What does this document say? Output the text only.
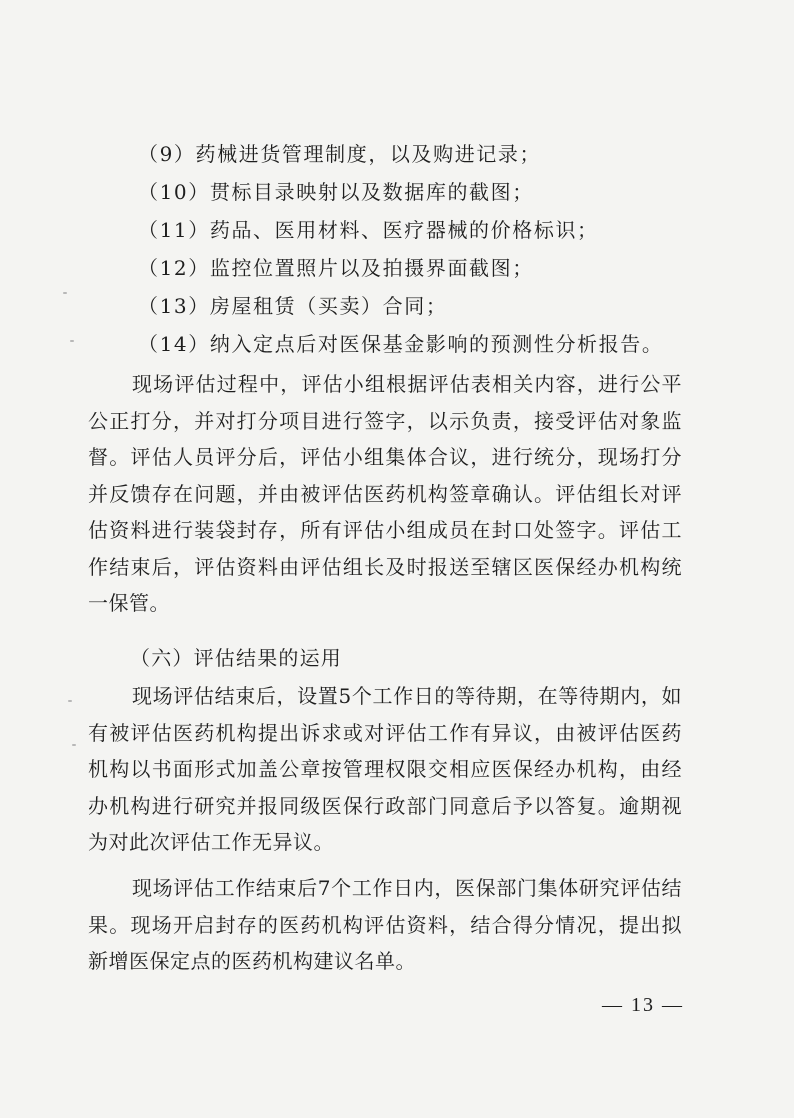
（9）药械进货管理制度，以及购进记录；
（10）贯标目录映射以及数据库的截图；
（11）药品、医用材料、医疗器械的价格标识；
（12）监控位置照片以及拍摄界面截图；
（13）房屋租赁（买卖）合同；
（14）纳入定点后对医保基金影响的预测性分析报告。

现场评估过程中，评估小组根据评估表相关内容，进行公平公正打分，并对打分项目进行签字，以示负责，接受评估对象监督。评估人员评分后，评估小组集体合议，进行统分，现场打分并反馈存在问题，并由被评估医药机构签章确认。评估组长对评估资料进行装袋封存，所有评估小组成员在封口处签字。评估工作结束后，评估资料由评估组长及时报送至辖区医保经办机构统一保管。

（六）评估结果的运用

现场评估结束后，设置5个工作日的等待期，在等待期内，如有被评估医药机构提出诉求或对评估工作有异议，由被评估医药机构以书面形式加盖公章按管理权限交相应医保经办机构，由经办机构进行研究并报同级医保行政部门同意后予以答复。逾期视为对此次评估工作无异议。

现场评估工作结束后7个工作日内，医保部门集体研究评估结果。现场开启封存的医药机构评估资料，结合得分情况，提出拟新增医保定点的医药机构建议名单。

— 13 —
